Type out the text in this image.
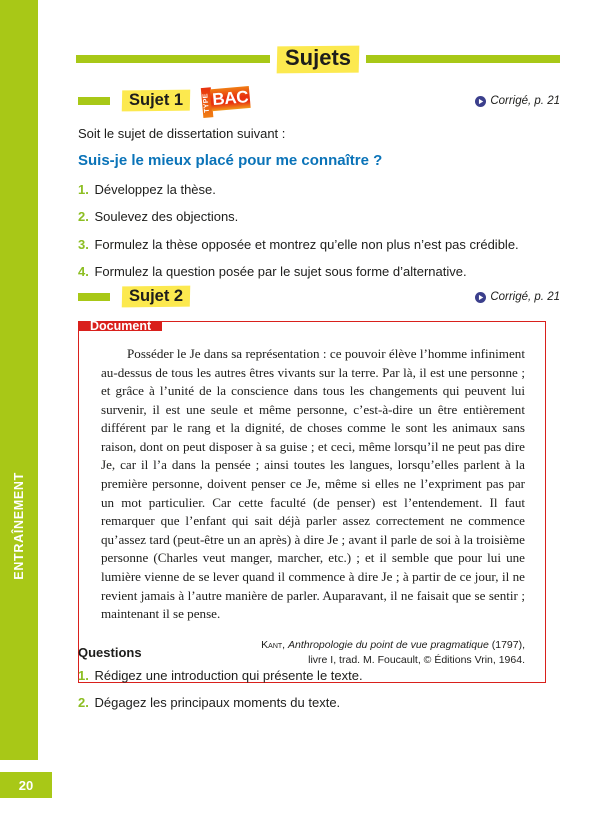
ENTRAÎNEMENT
20
Sujets
Sujet 1	TYPE BAC	Corrigé, p. 21
Soit le sujet de dissertation suivant :
Suis-je le mieux placé pour me connaître ?
1. Développez la thèse.
2. Soulevez des objections.
3. Formulez la thèse opposée et montrez qu’elle non plus n’est pas crédible.
4. Formulez la question posée par le sujet sous forme d’alternative.
Sujet 2	Corrigé, p. 21
Document
Posséder le Je dans sa représentation : ce pouvoir élève l’homme infiniment au-dessus de tous les autres êtres vivants sur la terre. Par là, il est une personne ; et grâce à l’unité de la conscience dans tous les changements qui peuvent lui survenir, il est une seule et même personne, c’est-à-dire un être entièrement différent par le rang et la dignité, de choses comme le sont les animaux sans raison, dont on peut disposer à sa guise ; et ceci, même lorsqu’il ne peut pas dire Je, car il l’a dans la pensée ; ainsi toutes les langues, lorsqu’elles parlent à la première personne, doivent penser ce Je, même si elles ne l’expriment pas par un mot particulier. Car cette faculté (de penser) est l’entendement. Il faut remarquer que l’enfant qui sait déjà parler assez correctement ne commence qu’assez tard (peut-être un an après) à dire Je ; avant il parle de soi à la troisième personne (Charles veut manger, marcher, etc.) ; et il semble que pour lui une lumière vienne de se lever quand il commence à dire Je ; à partir de ce jour, il ne revient jamais à l’autre manière de parler. Auparavant, il ne faisait que se sentir ; maintenant il se pense.
Kant, Anthropologie du point de vue pragmatique (1797),
livre I, trad. M. Foucault, © Éditions Vrin, 1964.
Questions
1. Rédigez une introduction qui présente le texte.
2. Dégagez les principaux moments du texte.
